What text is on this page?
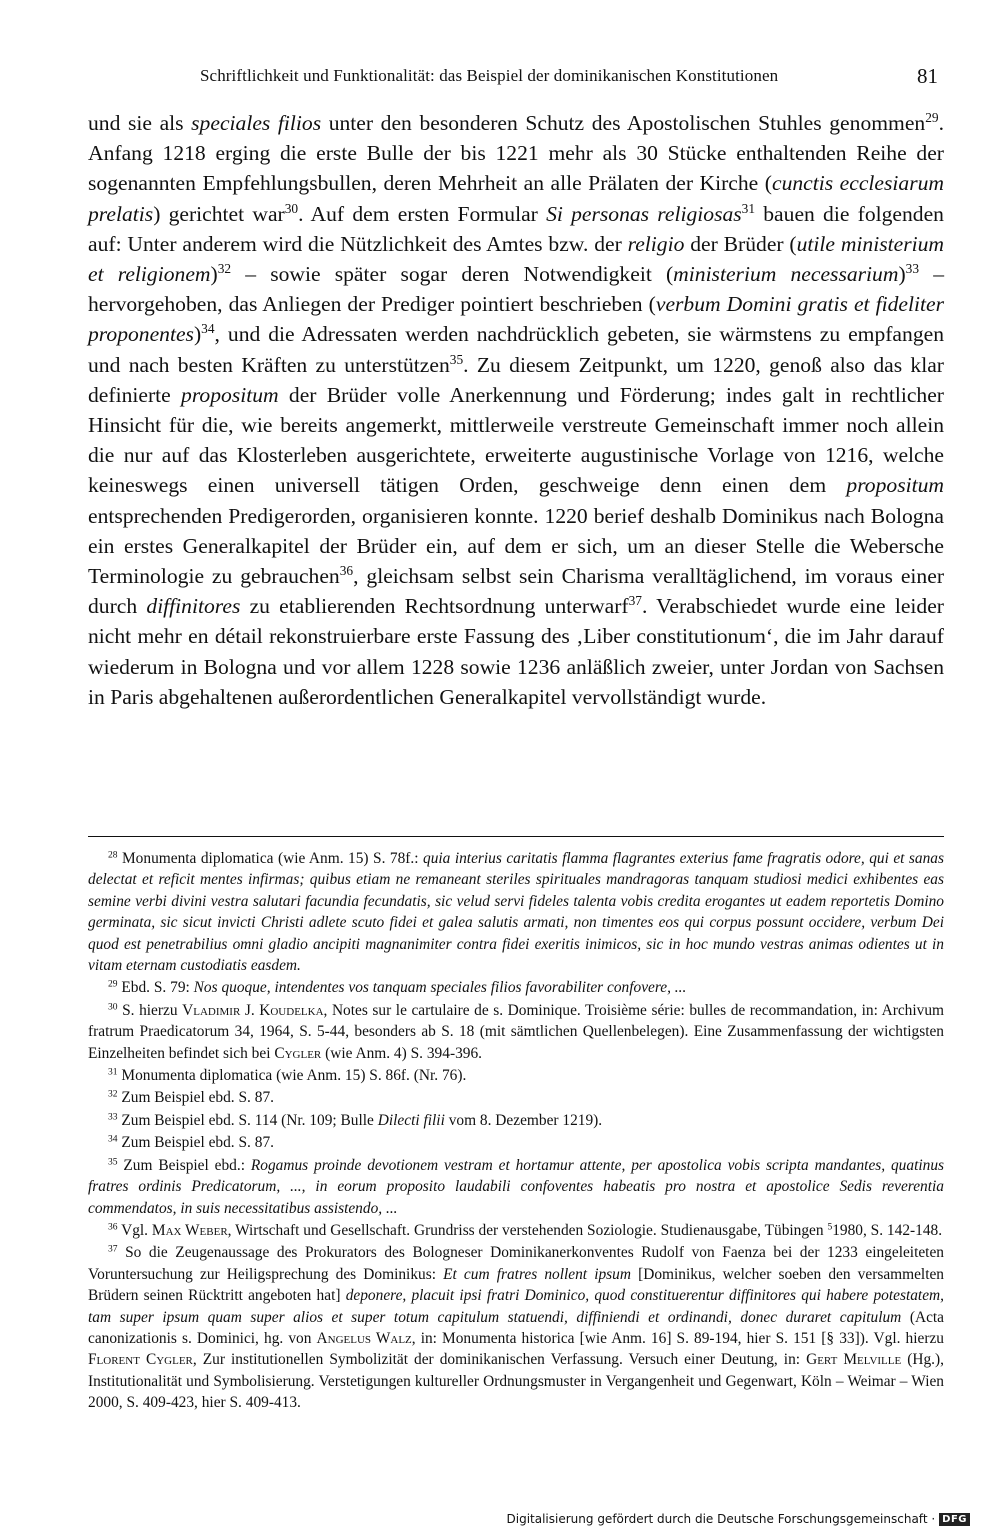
Schriftlichkeit und Funktionalität: das Beispiel der dominikanischen Konstitutionen	81

und sie als speciales filios unter den besonderen Schutz des Apostolischen Stuhles genommen$^{29}$. Anfang 1218 erging die erste Bulle der bis 1221 mehr als 30 Stücke enthaltenden Reihe der sogenannten Empfehlungsbullen, deren Mehrheit an alle Prälaten der Kirche (cunctis ecclesiarum prelatis) gerichtet war$^{30}$. Auf dem ersten Formular Si personas religiosas$^{31}$ bauen die folgenden auf: Unter anderem wird die Nützlichkeit des Amtes bzw. der religio der Brüder (utile ministerium et religionem)$^{32}$ – sowie später sogar deren Notwendigkeit (ministerium necessarium)$^{33}$ – hervorgehoben, das Anliegen der Prediger pointiert beschrieben (verbum Domini gratis et fideliter proponentes)$^{34}$, und die Adressaten werden nachdrücklich gebeten, sie wärmstens zu empfangen und nach besten Kräften zu unterstützen$^{35}$. Zu diesem Zeitpunkt, um 1220, genoß also das klar definierte propositum der Brüder volle Anerkennung und Förderung; indes galt in rechtlicher Hinsicht für die, wie bereits angemerkt, mittlerweile verstreute Gemeinschaft immer noch allein die nur auf das Klosterleben ausgerichtete, erweiterte augustinische Vorlage von 1216, welche keineswegs einen universell tätigen Orden, geschweige denn einen dem propositum entsprechenden Predigerorden, organisieren konnte. 1220 berief deshalb Dominikus nach Bologna ein erstes Generalkapitel der Brüder ein, auf dem er sich, um an dieser Stelle die Webersche Terminologie zu gebrauchen$^{36}$, gleichsam selbst sein Charisma veralltäglichend, im voraus einer durch diffinitores zu etablierenden Rechtsordnung unterwarf$^{37}$. Verabschiedet wurde eine leider nicht mehr en détail rekonstruierbare erste Fassung des ‚Liber constitutionum‘, die im Jahr darauf wiederum in Bologna und vor allem 1228 sowie 1236 anläßlich zweier, unter Jordan von Sachsen in Paris abgehaltenen außerordentlichen Generalkapitel vervollständigt wurde.

$^{28}$ Monumenta diplomatica (wie Anm. 15) S. 78f.: quia interius caritatis flamma flagrantes exterius fame fragratis odore, qui et sanas delectat et reficit mentes infirmas; quibus etiam ne remaneant steriles spirituales mandragoras tanquam studiosi medici exhibentes eas semine verbi divini vestra salutari facundia fecundatis, sic velud servi fideles talenta vobis credita erogantes ut eadem reportetis Domino germinata, sic sicut invicti Christi adlete scuto fidei et galea salutis armati, non timentes eos qui corpus possunt occidere, verbum Dei quod est penetrabilius omni gladio ancipiti magnanimiter contra fidei exeritis inimicos, sic in hoc mundo vestras animas odientes ut in vitam eternam custodiatis easdem.

$^{29}$ Ebd. S. 79: Nos quoque, intendentes vos tanquam speciales filios favorabiliter confovere, ...

$^{30}$ S. hierzu Vladimir J. Koudelka, Notes sur le cartulaire de s. Dominique. Troisième série: bulles de recommandation, in: Archivum fratrum Praedicatorum 34, 1964, S. 5-44, besonders ab S. 18 (mit sämtlichen Quellenbelegen). Eine Zusammenfassung der wichtigsten Einzelheiten befindet sich bei Cygler (wie Anm. 4) S. 394-396.

$^{31}$ Monumenta diplomatica (wie Anm. 15) S. 86f. (Nr. 76).

$^{32}$ Zum Beispiel ebd. S. 87.

$^{33}$ Zum Beispiel ebd. S. 114 (Nr. 109; Bulle Dilecti filii vom 8. Dezember 1219).

$^{34}$ Zum Beispiel ebd. S. 87.

$^{35}$ Zum Beispiel ebd.: Rogamus proinde devotionem vestram et hortamur attente, per apostolica vobis scripta mandantes, quatinus fratres ordinis Predicatorum, ..., in eorum proposito laudabili confoventes habeatis pro nostra et apostolice Sedis reverentia commendatos, in suis necessitatibus assistendo, ...

$^{36}$ Vgl. Max Weber, Wirtschaft und Gesellschaft. Grundriss der verstehenden Soziologie. Studienausgabe, Tübingen $^5$1980, S. 142-148.

$^{37}$ So die Zeugenaussage des Prokurators des Bologneser Dominikanerkonventes Rudolf von Faenza bei der 1233 eingeleiteten Voruntersuchung zur Heiligsprechung des Dominikus: Et cum fratres nollent ipsum [Dominikus, welcher soeben den versammelten Brüdern seinen Rücktritt angeboten hat] deponere, placuit ipsi fratri Dominico, quod constituerentur diffinitores qui habere potestatem, tam super ipsum quam super alios et super totum capitulum statuendi, diffiniendi et ordinandi, donec duraret capitulum (Acta canonizationis s. Dominici, hg. von Angelus Walz, in: Monumenta historica [wie Anm. 16] S. 89-194, hier S. 151 [§ 33]). Vgl. hierzu Florent Cygler, Zur institutionellen Symbolizität der dominikanischen Verfassung. Versuch einer Deutung, in: Gert Melville (Hg.), Institutionalität und Symbolisierung. Verstetigungen kultureller Ordnungsmuster in Vergangenheit und Gegenwart, Köln – Weimar – Wien 2000, S. 409-423, hier S. 409-413.

Digitalisierung gefördert durch die Deutsche Forschungsgemeinschaft · DFG
